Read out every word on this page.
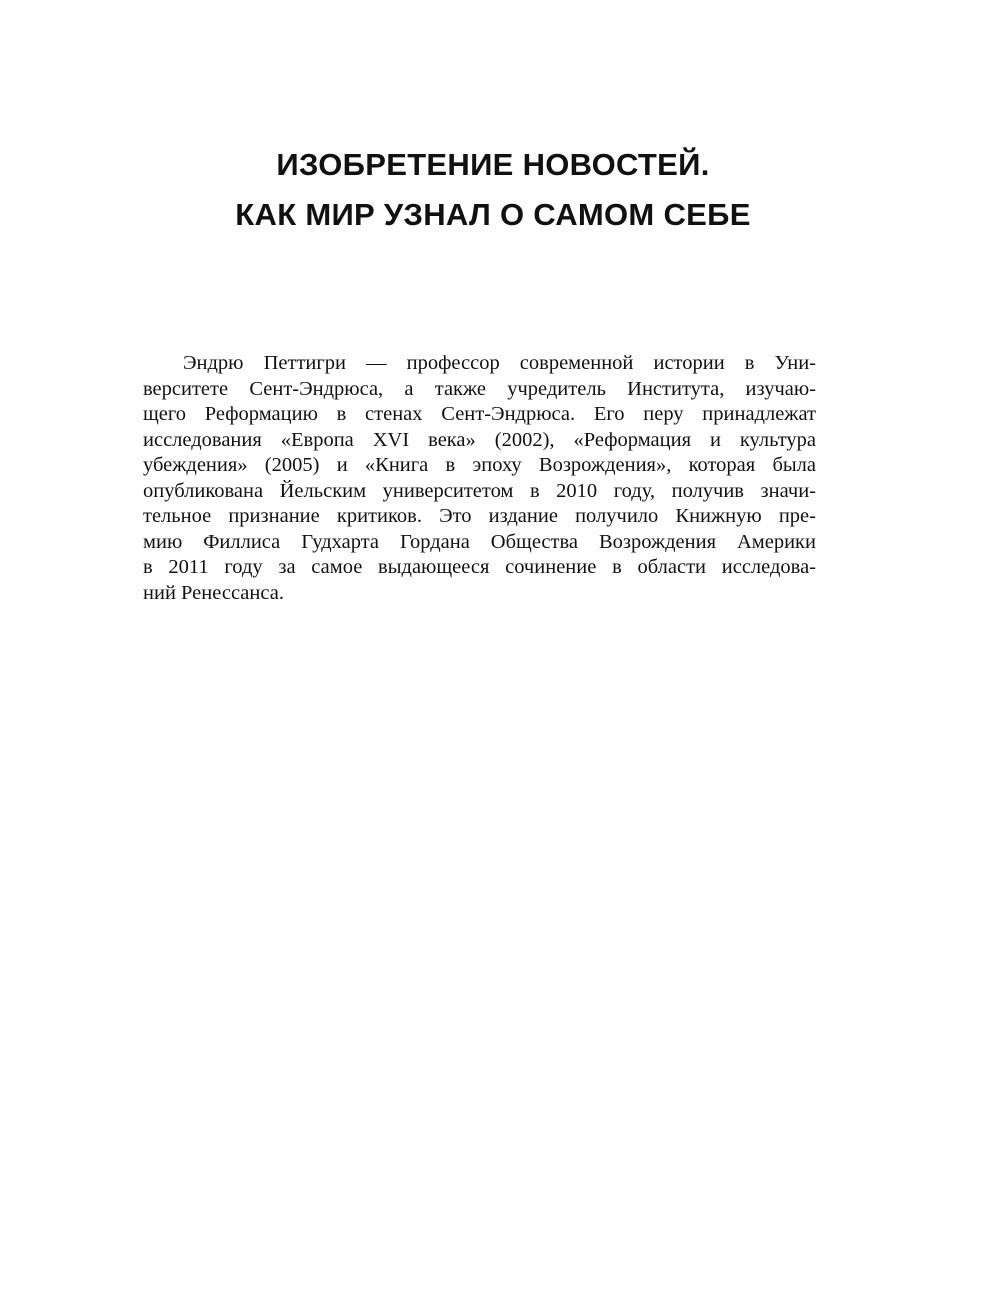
ИЗОБРЕТЕНИЕ НОВОСТЕЙ.
КАК МИР УЗНАЛ О САМОМ СЕБЕ
Эндрю Петтигри — профессор современной истории в Уни-
верситете Сент-Эндрюса, а также учредитель Института, изучаю-
щего Реформацию в стенах Сент-Эндрюса. Его перу принадлежат
исследования «Европа XVI века» (2002), «Реформация и культура
убеждения» (2005) и «Книга в эпоху Возрождения», которая была
опубликована Йельским университетом в 2010 году, получив значи-
тельное признание критиков. Это издание получило Книжную пре-
мию Филлиса Гудхарта Гордана Общества Возрождения Америки
в 2011 году за самое выдающееся сочинение в области исследова-
ний Ренессанса.
